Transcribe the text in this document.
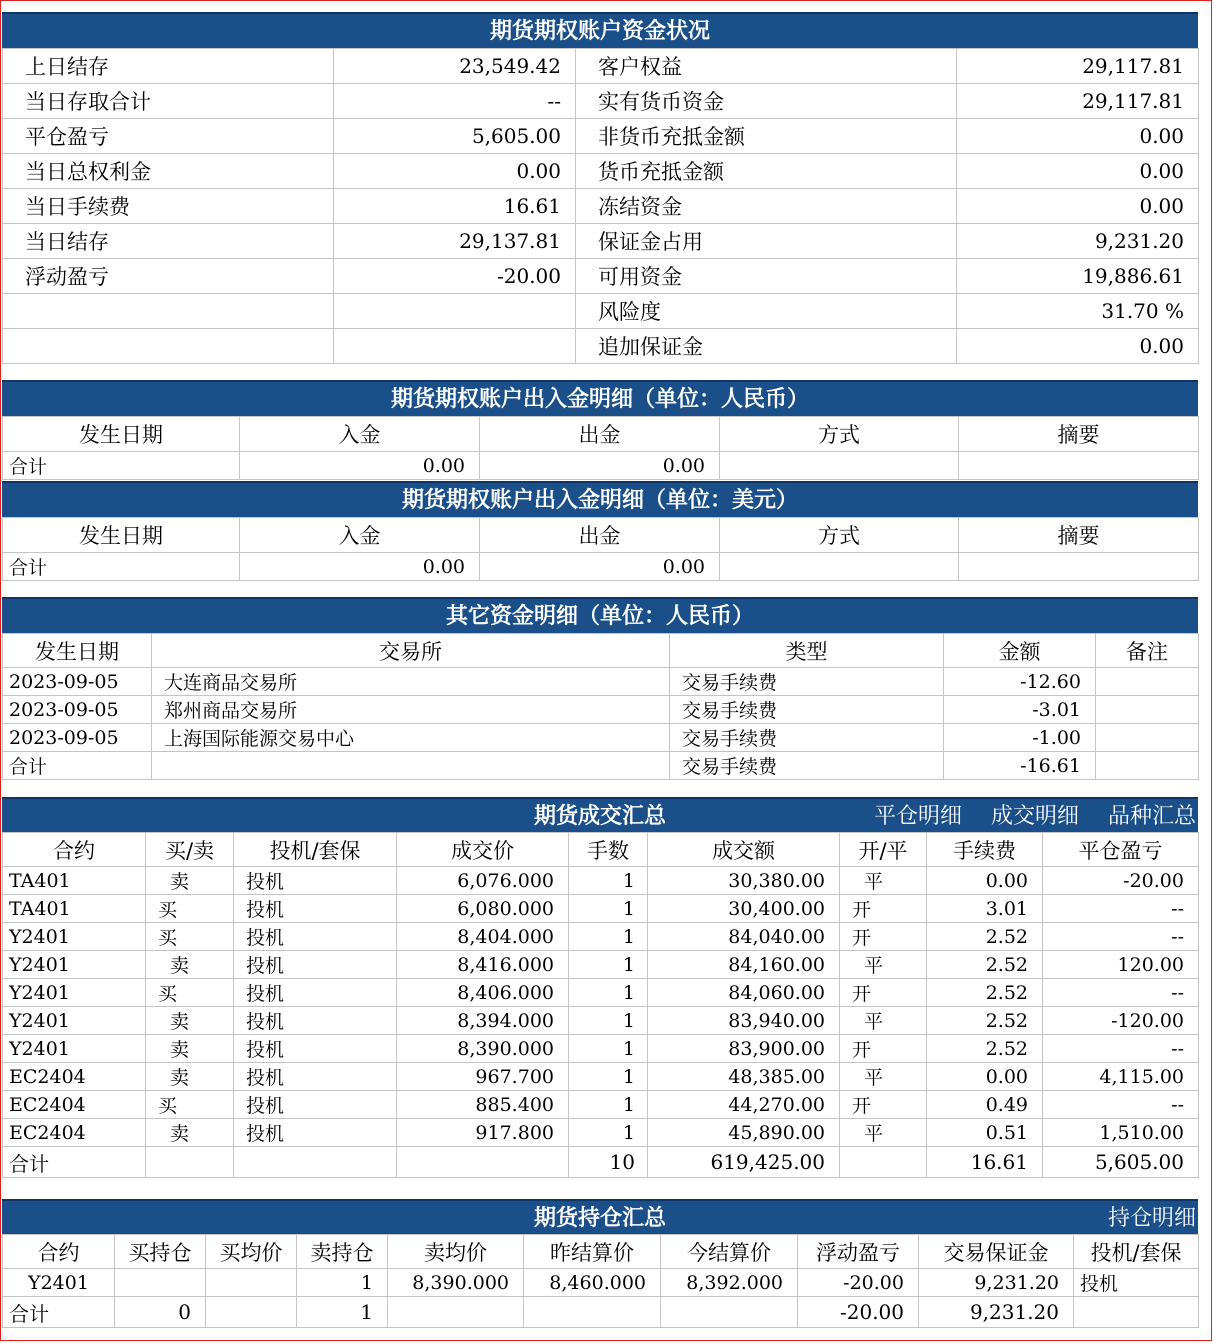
期货期权账户资金状况
上日结存	23,549.42	客户权益	29,117.81
当日存取合计	--	实有货币资金	29,117.81
平仓盈亏	5,605.00	非货币充抵金额	0.00
当日总权利金	0.00	货币充抵金额	0.00
当日手续费	16.61	冻结资金	0.00
当日结存	29,137.81	保证金占用	9,231.20
浮动盈亏	-20.00	可用资金	19,886.61
		风险度	31.70 %
		追加保证金	0.00
期货期权账户出入金明细（单位：人民币）
发生日期	入金	出金	方式	摘要
合计	0.00	0.00		
期货期权账户出入金明细（单位：美元）
发生日期	入金	出金	方式	摘要
合计	0.00	0.00		
其它资金明细（单位：人民币）
发生日期	交易所	类型	金额	备注
2023-09-05	大连商品交易所	交易手续费	-12.60	
2023-09-05	郑州商品交易所	交易手续费	-3.01	
2023-09-05	上海国际能源交易中心	交易手续费	-1.00	
合计		交易手续费	-16.61	
期货成交汇总	平仓明细 成交明细 品种汇总
合约	买/卖	投机/套保	成交价	手数	成交额	开/平	手续费	平仓盈亏
TA401	卖	投机	6,076.000	1	30,380.00	平	0.00	-20.00
TA401	买	投机	6,080.000	1	30,400.00	开	3.01	--
Y2401	买	投机	8,404.000	1	84,040.00	开	2.52	--
Y2401	卖	投机	8,416.000	1	84,160.00	平	2.52	120.00
Y2401	买	投机	8,406.000	1	84,060.00	开	2.52	--
Y2401	卖	投机	8,394.000	1	83,940.00	平	2.52	-120.00
Y2401	卖	投机	8,390.000	1	83,900.00	开	2.52	--
EC2404	卖	投机	967.700	1	48,385.00	平	0.00	4,115.00
EC2404	买	投机	885.400	1	44,270.00	开	0.49	--
EC2404	卖	投机	917.800	1	45,890.00	平	0.51	1,510.00
合计				10	619,425.00		16.61	5,605.00
期货持仓汇总	持仓明细
合约	买持仓	买均价	卖持仓	卖均价	昨结算价	今结算价	浮动盈亏	交易保证金	投机/套保
Y2401			1	8,390.000	8,460.000	8,392.000	-20.00	9,231.20	投机
合计	0		1				-20.00	9,231.20	
